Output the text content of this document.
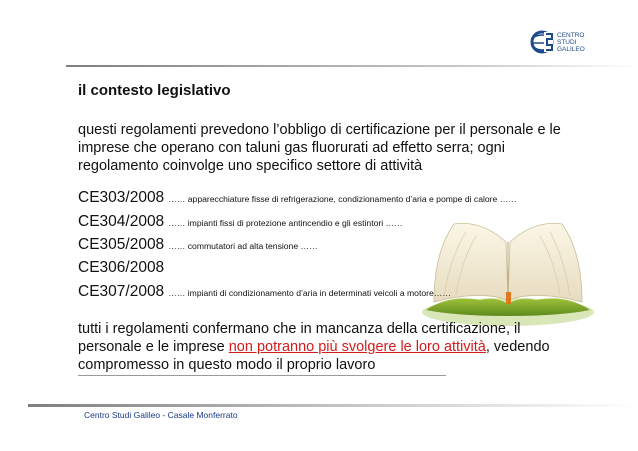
CENTRO
STUDI
GALILEO
il contesto legislativo
questi regolamenti prevedono l’obbligo di certificazione per il personale e le imprese che operano con taluni gas fluorurati ad effetto serra; ogni regolamento coinvolge uno specifico settore di attività
CE303/2008 …… apparecchiature fisse di refrigerazione, condizionamento d’aria e pompe di calore ……
CE304/2008 …… impianti fissi di protezione antincendio e gli estintori ……
CE305/2008 …… commutatori ad alta tensione ……
CE306/2008
CE307/2008 …… impianti di condizionamento d’aria in determinati veicoli a motore……
tutti i regolamenti confermano che in mancanza della certificazione, il personale e le imprese non potranno più svolgere le loro attività, vedendo compromesso in questo modo il proprio lavoro
Centro Studi Galileo - Casale Monferrato
